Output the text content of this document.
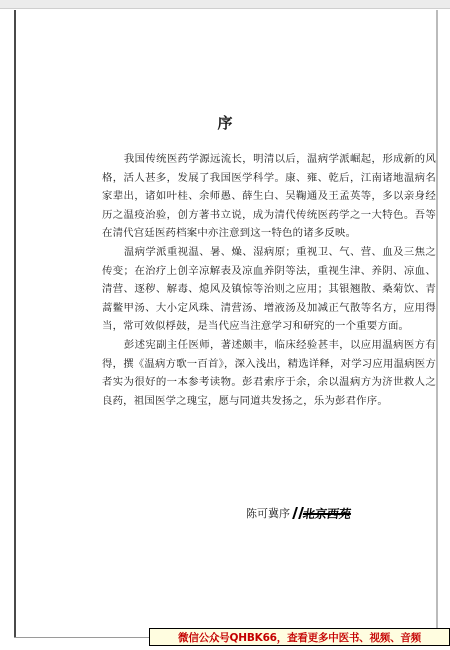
序

我国传统医药学源远流长，明清以后，温病学派崛起，形成新的风格，活人甚多，发展了我国医学科学。康、雍、乾后，江南诸地温病名家辈出，诸如叶桂、余师愚、薛生白、吴鞠通及王孟英等，多以亲身经历之温疫治验，创方著书立说，成为清代传统医药学之一大特色。吾等在清代宫廷医药档案中亦注意到这一特色的诸多反映。

温病学派重视温、暑、燥、湿病原；重视卫、气、营、血及三焦之传变；在治疗上创辛凉解表及凉血养阴等法，重视生津、养阴、凉血、清营、逐秽、解毒、熄风及镇惊等治则之应用；其银翘散、桑菊饮、青蒿鳖甲汤、大小定风珠、清营汤、增液汤及加减正气散等名方，应用得当，常可效似桴鼓，是当代应当注意学习和研究的一个重要方面。

彭述宪副主任医师，著述颇丰，临床经验甚丰，以应用温病医方有得，撰《温病方歌一百首》，深入浅出，精选详释，对学习应用温病医方者实为很好的一本参考读物。彭君索序于余，余以温病方为济世救人之良药，祖国医学之瑰宝，愿与同道共发扬之，乐为彭君作序。

陈可冀序 北京西苑
微信公众号QHBK66，查看更多中医书、视频、音频
